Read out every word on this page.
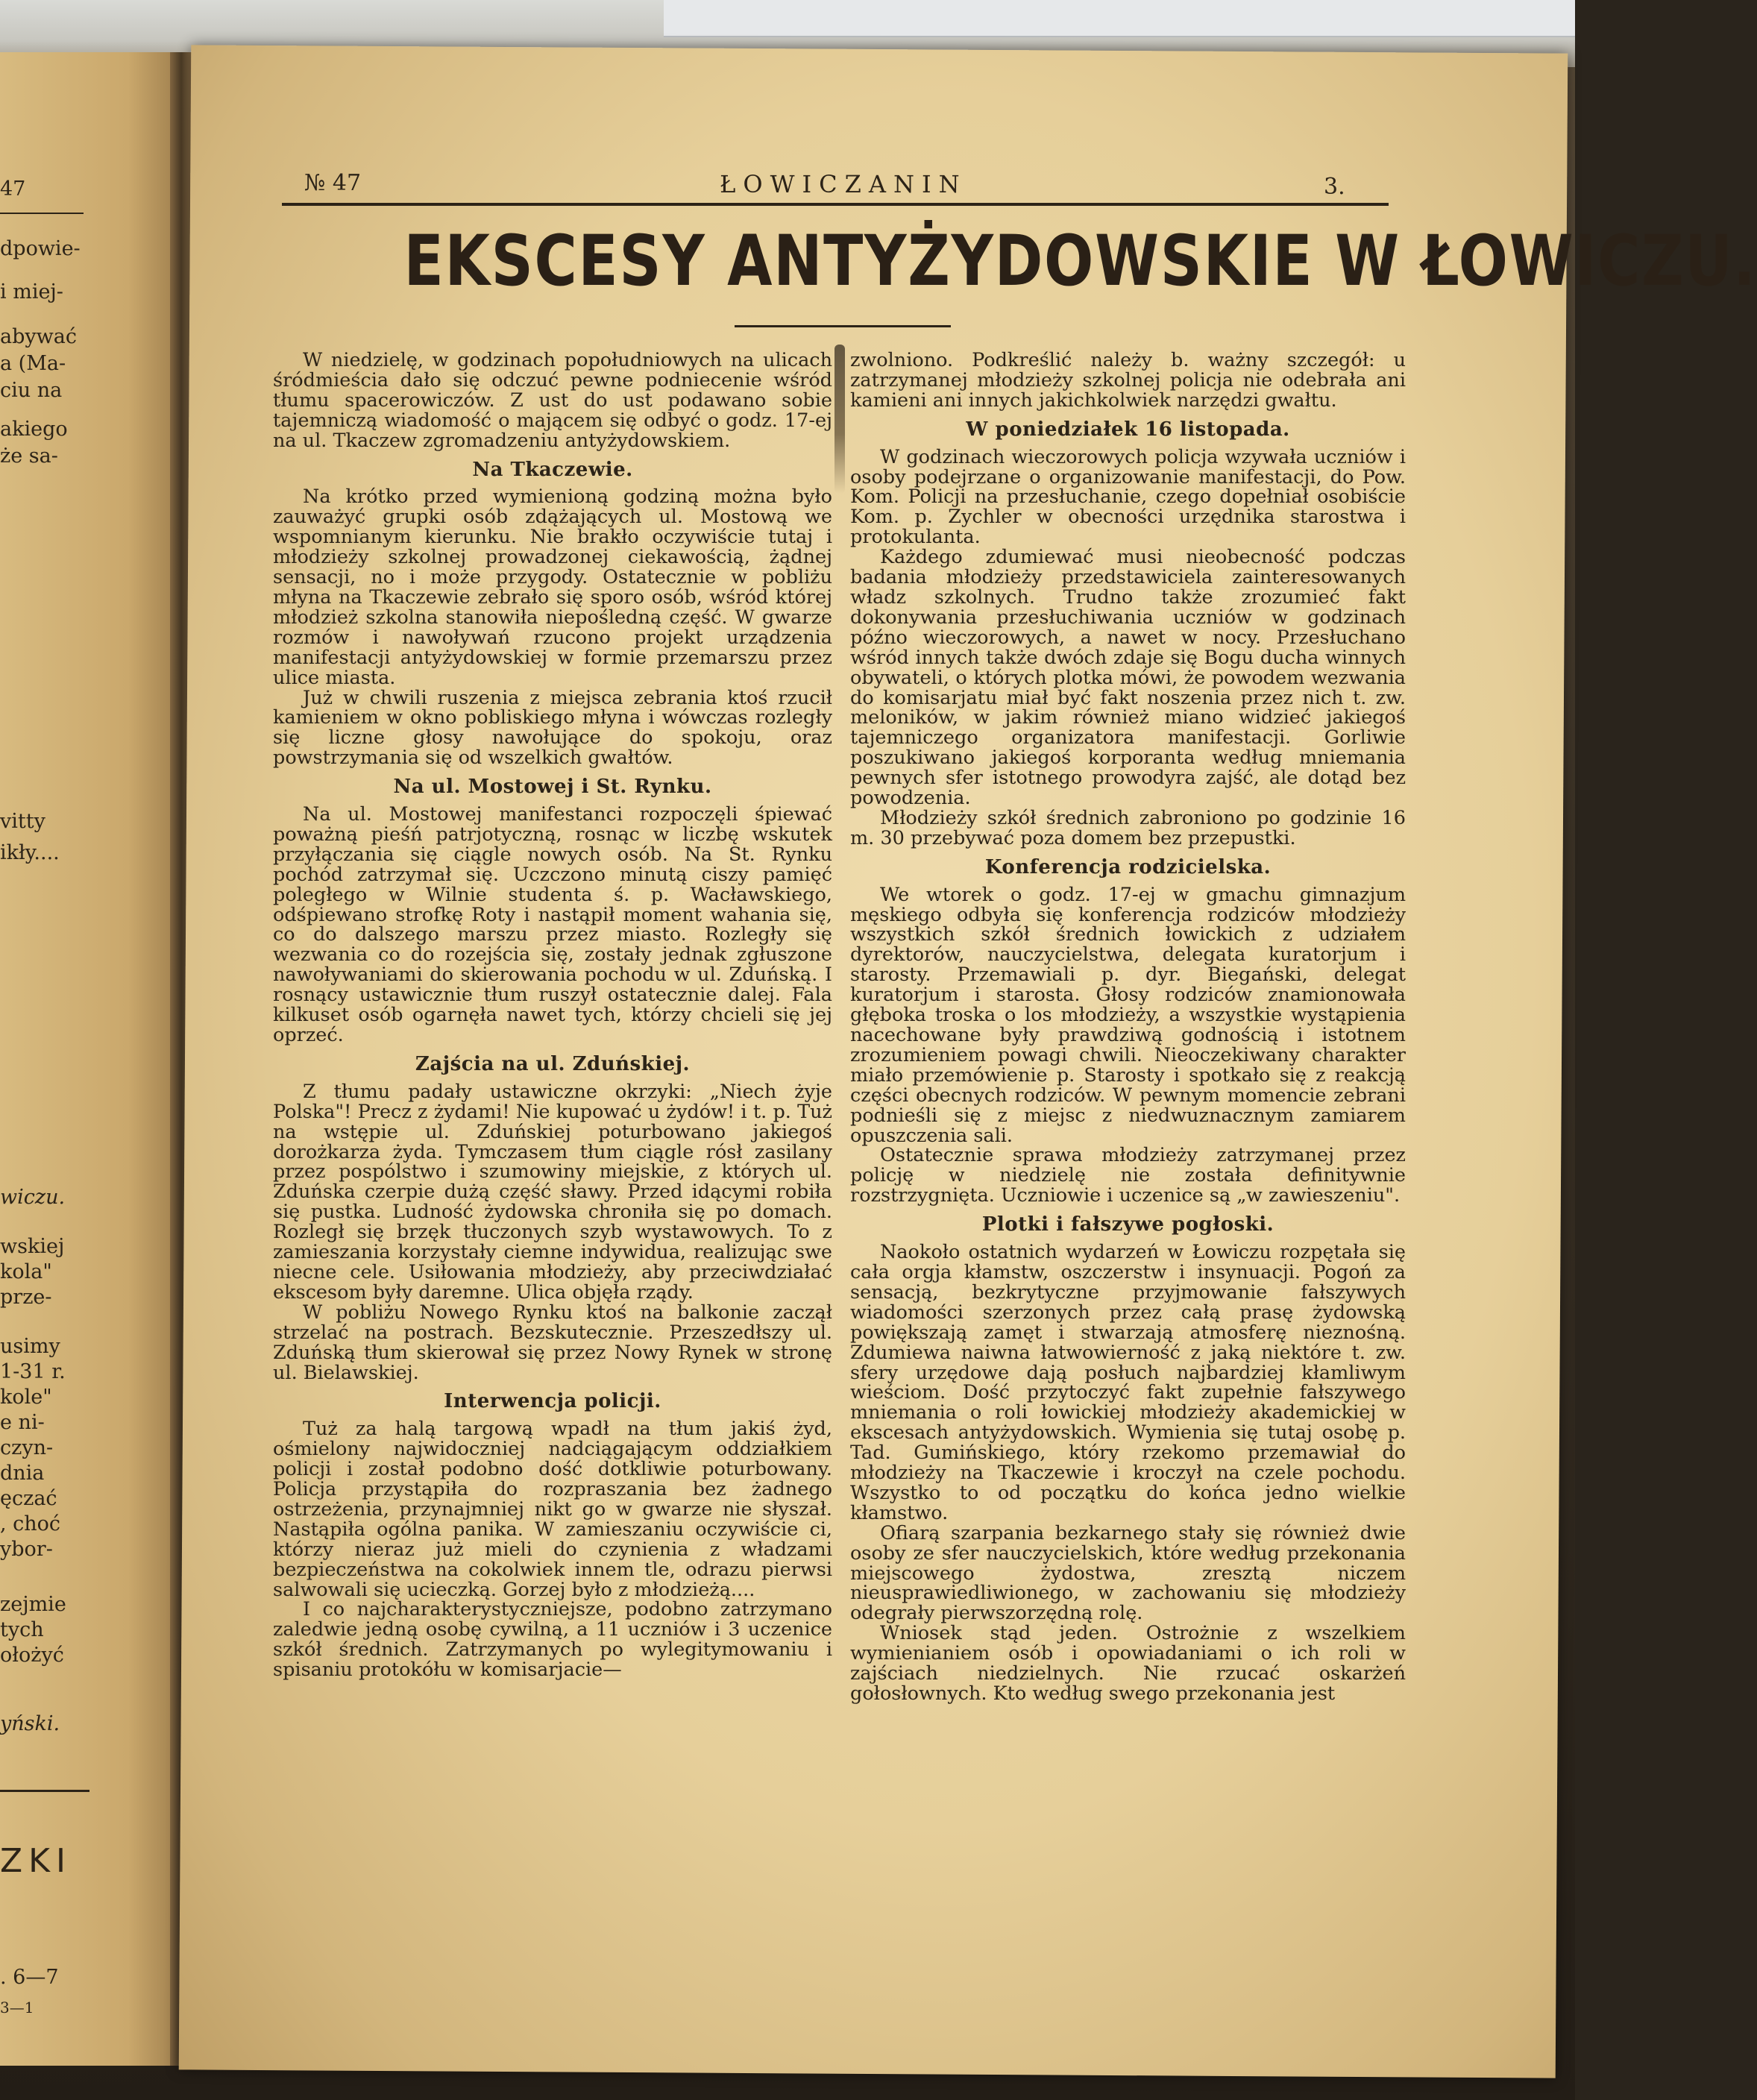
47
dpowie-
i miej-
abywać
a (Ma-
ciu na
akiego
że sa-
vitty
ikły....
wiczu.
wskiej
kola"
prze-
usimy
1-31 r.
kole"
e ni-
czyn-
dnia
ęczać
, choć
ybor-
zejmie
tych
ołożyć
yński.
ZKI
. 6—7
3—1
№ 47	ŁOWICZANIN	3.
EKSCESY ANTYŻYDOWSKIE W ŁOWICZU.

W niedzielę, w godzinach popołudniowych na ulicach śródmieścia dało się odczuć pewne podniecenie wśród tłumu spacerowiczów. Z ust do ust podawano sobie tajemniczą wiadomość o mającem się odbyć o godz. 17-ej na ul. Tkaczew zgromadzeniu antyżydowskiem.

Na Tkaczewie.

Na krótko przed wymienioną godziną można było zauważyć grupki osób zdążających ul. Mostową we wspomnianym kierunku. Nie brakło oczywiście tutaj i młodzieży szkolnej prowadzonej ciekawością, żądnej sensacji, no i może przygody. Ostatecznie w pobliżu młyna na Tkaczewie zebrało się sporo osób, wśród której młodzież szkolna stanowiła niepośledną część. W gwarze rozmów i nawoływań rzucono projekt urządzenia manifestacji antyżydowskiej w formie przemarszu przez ulice miasta.

Już w chwili ruszenia z miejsca zebrania ktoś rzucił kamieniem w okno pobliskiego młyna i wówczas rozległy się liczne głosy nawołujące do spokoju, oraz powstrzymania się od wszelkich gwałtów.

Na ul. Mostowej i St. Rynku.

Na ul. Mostowej manifestanci rozpoczęli śpiewać poważną pieśń patrjotyczną, rosnąc w liczbę wskutek przyłączania się ciągle nowych osób. Na St. Rynku pochód zatrzymał się. Uczczono minutą ciszy pamięć poległego w Wilnie studenta ś. p. Wacławskiego, odśpiewano strofkę Roty i nastąpił moment wahania się, co do dalszego marszu przez miasto. Rozległy się wezwania co do rozejścia się, zostały jednak zgłuszone nawoływaniami do skierowania pochodu w ul. Zduńską. I rosnący ustawicznie tłum ruszył ostatecznie dalej. Fala kilkuset osób ogarnęła nawet tych, którzy chcieli się jej oprzeć.

Zajścia na ul. Zduńskiej.

Z tłumu padały ustawiczne okrzyki: „Niech żyje Polska"! Precz z żydami! Nie kupować u żydów! i t. p. Tuż na wstępie ul. Zduńskiej poturbowano jakiegoś dorożkarza żyda. Tymczasem tłum ciągle rósł zasilany przez pospólstwo i szumowiny miejskie, z których ul. Zduńska czerpie dużą część sławy. Przed idącymi robiła się pustka. Ludność żydowska chroniła się po domach. Rozległ się brzęk tłuczonych szyb wystawowych. To z zamieszania korzystały ciemne indywidua, realizując swe niecne cele. Usiłowania młodzieży, aby przeciwdziałać ekscesom były daremne. Ulica objęła rządy.

W pobliżu Nowego Rynku ktoś na balkonie zaczął strzelać na postrach. Bezskutecznie. Przeszedłszy ul. Zduńską tłum skierował się przez Nowy Rynek w stronę ul. Bielawskiej.

Interwencja policji.

Tuż za halą targową wpadł na tłum jakiś żyd, ośmielony najwidoczniej nadciągającym oddziałkiem policji i został podobno dość dotkliwie poturbowany. Policja przystąpiła do rozpraszania bez żadnego ostrzeżenia, przynajmniej nikt go w gwarze nie słyszał. Nastąpiła ogólna panika. W zamieszaniu oczywiście ci, którzy nieraz już mieli do czynienia z władzami bezpieczeństwa na cokolwiek innem tle, odrazu pierwsi salwowali się ucieczką. Gorzej było z młodzieżą....

I co najcharakterystyczniejsze, podobno zatrzymano zaledwie jedną osobę cywilną, a 11 uczniów i 3 uczenice szkół średnich. Zatrzymanych po wylegitymowaniu i spisaniu protokółu w komisarjacie—

zwolniono. Podkreślić należy b. ważny szczegół: u zatrzymanej młodzieży szkolnej policja nie odebrała ani kamieni ani innych jakichkolwiek narzędzi gwałtu.

W poniedziałek 16 listopada.

W godzinach wieczorowych policja wzywała uczniów i osoby podejrzane o organizowanie manifestacji, do Pow. Kom. Policji na przesłuchanie, czego dopełniał osobiście Kom. p. Zychler w obecności urzędnika starostwa i protokulanta.

Każdego zdumiewać musi nieobecność podczas badania młodzieży przedstawiciela zainteresowanych władz szkolnych. Trudno także zrozumieć fakt dokonywania przesłuchiwania uczniów w godzinach późno wieczorowych, a nawet w nocy. Przesłuchano wśród innych także dwóch zdaje się Bogu ducha winnych obywateli, o których plotka mówi, że powodem wezwania do komisarjatu miał być fakt noszenia przez nich t. zw. meloników, w jakim również miano widzieć jakiegoś tajemniczego organizatora manifestacji. Gorliwie poszukiwano jakiegoś korporanta według mniemania pewnych sfer istotnego prowodyra zajść, ale dotąd bez powodzenia.

Młodzieży szkół średnich zabroniono po godzinie 16 m. 30 przebywać poza domem bez przepustki.

Konferencja rodzicielska.

We wtorek o godz. 17-ej w gmachu gimnazjum męskiego odbyła się konferencja rodziców młodzieży wszystkich szkół średnich łowickich z udziałem dyrektorów, nauczycielstwa, delegata kuratorjum i starosty. Przemawiali p. dyr. Biegański, delegat kuratorjum i starosta. Głosy rodziców znamionowała głęboka troska o los młodzieży, a wszystkie wystąpienia nacechowane były prawdziwą godnością i istotnem zrozumieniem powagi chwili. Nieoczekiwany charakter miało przemówienie p. Starosty i spotkało się z reakcją części obecnych rodziców. W pewnym momencie zebrani podnieśli się z miejsc z niedwuznacznym zamiarem opuszczenia sali.

Ostatecznie sprawa młodzieży zatrzymanej przez policję w niedzielę nie została definitywnie rozstrzygnięta. Uczniowie i uczenice są „w zawieszeniu".

Plotki i fałszywe pogłoski.

Naokoło ostatnich wydarzeń w Łowiczu rozpętała się cała orgja kłamstw, oszczerstw i insynuacji. Pogoń za sensacją, bezkrytyczne przyjmowanie fałszywych wiadomości szerzonych przez całą prasę żydowską powiększają zamęt i stwarzają atmosferę nieznośną. Zdumiewa naiwna łatwowierność z jaką niektóre t. zw. sfery urzędowe dają posłuch najbardziej kłamliwym wieściom. Dość przytoczyć fakt zupełnie fałszywego mniemania o roli łowickiej młodzieży akademickiej w ekscesach antyżydowskich. Wymienia się tutaj osobę p. Tad. Gumińskiego, który rzekomo przemawiał do młodzieży na Tkaczewie i kroczył na czele pochodu. Wszystko to od początku do końca jedno wielkie kłamstwo.

Ofiarą szarpania bezkarnego stały się również dwie osoby ze sfer nauczycielskich, które według przekonania miejscowego żydostwa, zresztą niczem nieusprawiedliwionego, w zachowaniu się młodzieży odegrały pierwszorzędną rolę.

Wniosek stąd jeden. Ostrożnie z wszelkiem wymienianiem osób i opowiadaniami o ich roli w zajściach niedzielnych. Nie rzucać oskarżeń gołosłownych. Kto według swego przekonania jest
